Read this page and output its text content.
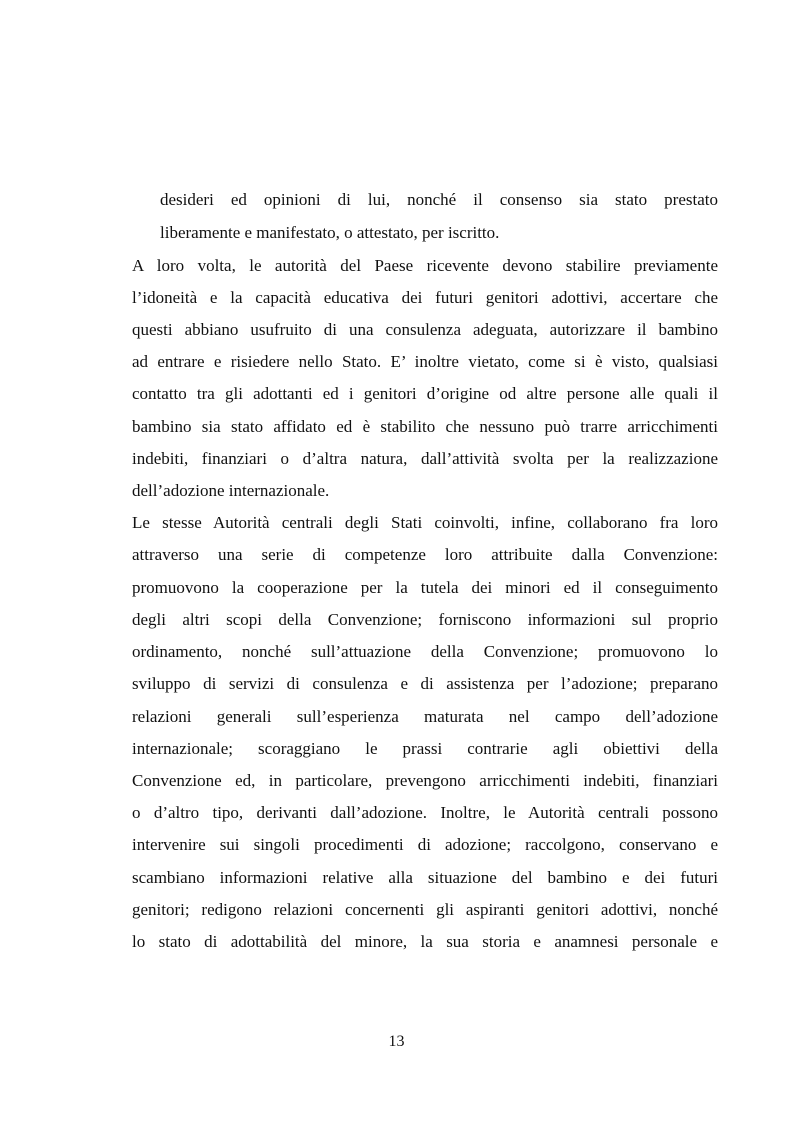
desideri ed opinioni di lui, nonché il consenso sia stato prestato
liberamente e manifestato, o attestato, per iscritto.
A loro volta, le autorità del Paese ricevente devono stabilire previamente
l’idoneità e la capacità educativa dei futuri genitori adottivi, accertare che
questi abbiano usufruito di una consulenza adeguata, autorizzare il bambino
ad entrare e risiedere nello Stato. E’ inoltre vietato, come si è visto, qualsiasi
contatto tra gli adottanti ed i genitori d’origine od altre persone alle quali il
bambino sia stato affidato ed è stabilito che nessuno può trarre arricchimenti
indebiti, finanziari o d’altra natura, dall’attività svolta per la realizzazione
dell’adozione internazionale.
Le stesse Autorità centrali degli Stati coinvolti, infine, collaborano fra loro
attraverso una serie di competenze loro attribuite dalla Convenzione:
promuovono la cooperazione per la tutela dei minori ed il conseguimento
degli altri scopi della Convenzione; forniscono informazioni sul proprio
ordinamento, nonché sull’attuazione della Convenzione; promuovono lo
sviluppo di servizi di consulenza e di assistenza per l’adozione; preparano
relazioni generali sull’esperienza maturata nel campo dell’adozione
internazionale; scoraggiano le prassi contrarie agli obiettivi della
Convenzione ed, in particolare, prevengono arricchimenti indebiti, finanziari
o d’altro tipo, derivanti dall’adozione. Inoltre, le Autorità centrali possono
intervenire sui singoli procedimenti di adozione; raccolgono, conservano e
scambiano informazioni relative alla situazione del bambino e dei futuri
genitori; redigono relazioni concernenti gli aspiranti genitori adottivi, nonché
lo stato di adottabilità del minore, la sua storia e anamnesi personale e
13
